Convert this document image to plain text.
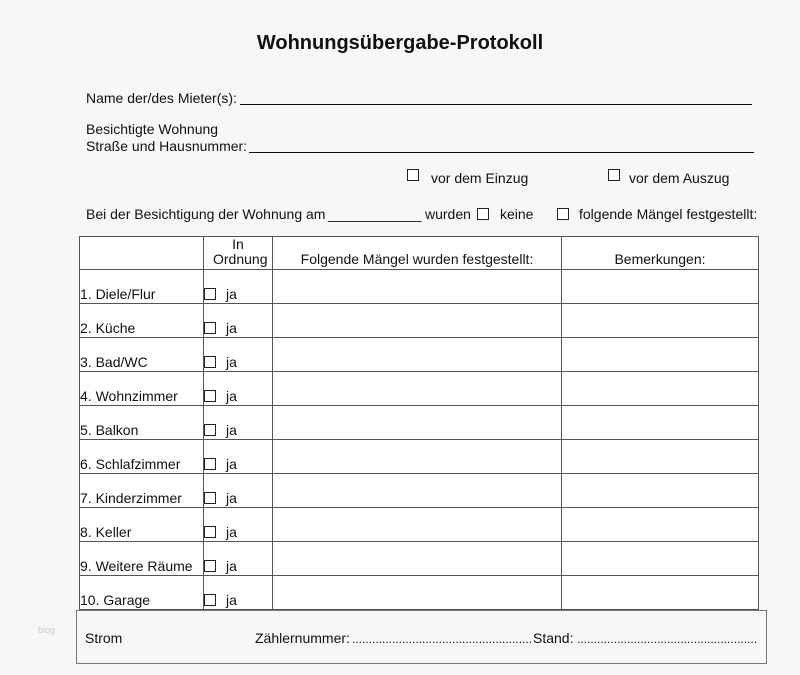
Wohnungsübergabe-Protokoll
Name der/des Mieter(s):
Besichtigte Wohnung
Straße und Hausnummer:
vor dem Einzug	vor dem Auszug
Bei der Besichtigung der Wohnung am ____________ wurden keine	folgende Mängel festgestellt:
	In Ordnung	Folgende Mängel wurden festgestellt:	Bemerkungen:
1. Diele/Flur	ja		
2. Küche	ja		
3. Bad/WC	ja		
4. Wohnzimmer	ja		
5. Balkon	ja		
6. Schlafzimmer	ja		
7. Kinderzimmer	ja		
8. Keller	ja		
9. Weitere Räume	ja		
10. Garage	ja		
Strom	Zählernummer: ...................................................... Stand: ......................................................
blog
